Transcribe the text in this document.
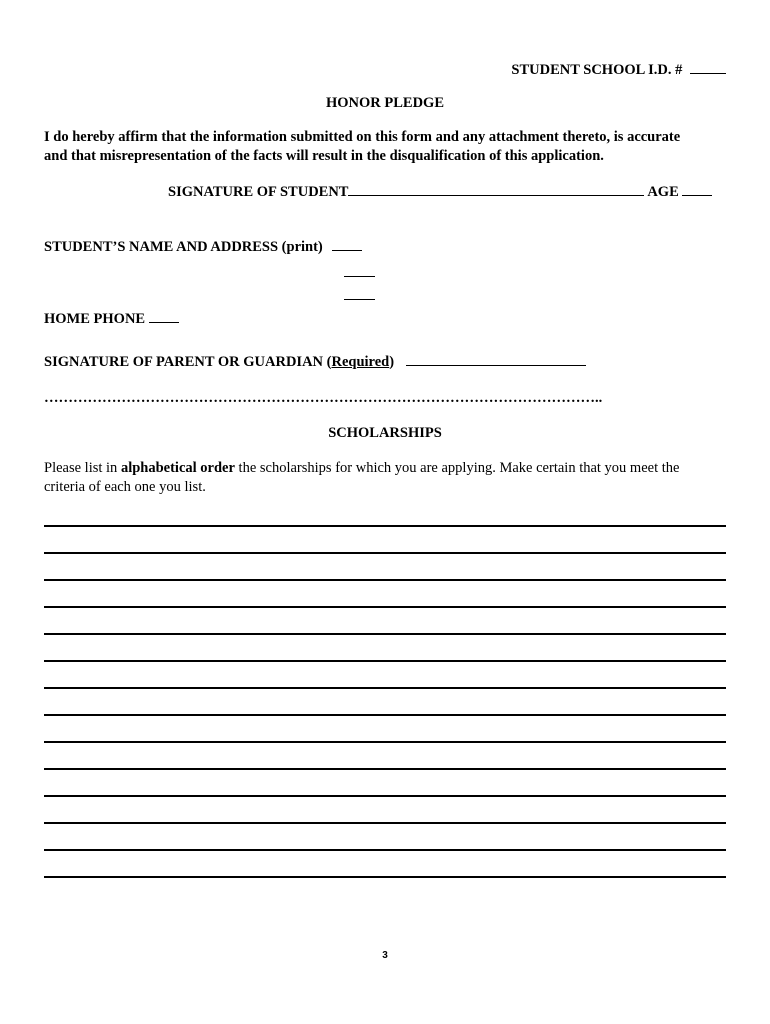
STUDENT SCHOOL I.D. #
HONOR PLEDGE
I do hereby affirm that the information submitted on this form and any attachment thereto, is accurate
and that misrepresentation of the facts will result in the disqualification of this application.
SIGNATURE OF STUDENT	AGE
STUDENT’S NAME AND ADDRESS (print)
HOME PHONE
SIGNATURE OF PARENT OR GUARDIAN (Required)
……………………………………………………………………………………………………..
SCHOLARSHIPS
Please list in alphabetical order the scholarships for which you are applying. Make certain that you meet the
criteria of each one you list.
3
